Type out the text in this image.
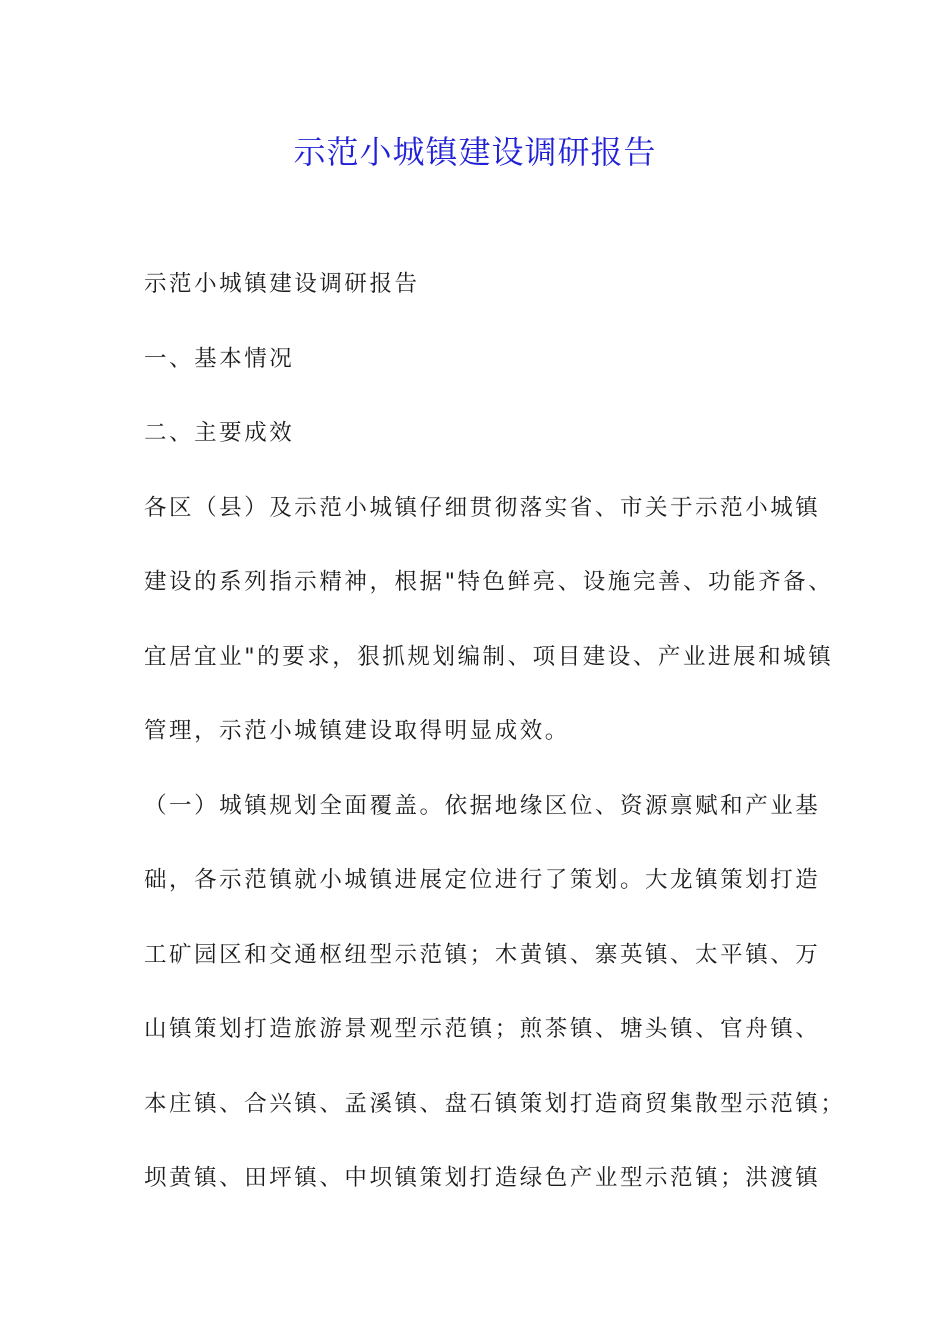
示范小城镇建设调研报告
示范小城镇建设调研报告
一、基本情况
二、主要成效
各区（县）及示范小城镇仔细贯彻落实省、市关于示范小城镇
建设的系列指示精神，根据"特色鲜亮、设施完善、功能齐备、
宜居宜业"的要求，狠抓规划编制、项目建设、产业进展和城镇
管理，示范小城镇建设取得明显成效。
（一）城镇规划全面覆盖。依据地缘区位、资源禀赋和产业基
础，各示范镇就小城镇进展定位进行了策划。大龙镇策划打造
工矿园区和交通枢纽型示范镇；木黄镇、寨英镇、太平镇、万
山镇策划打造旅游景观型示范镇；煎茶镇、塘头镇、官舟镇、
本庄镇、合兴镇、孟溪镇、盘石镇策划打造商贸集散型示范镇；
坝黄镇、田坪镇、中坝镇策划打造绿色产业型示范镇；洪渡镇
